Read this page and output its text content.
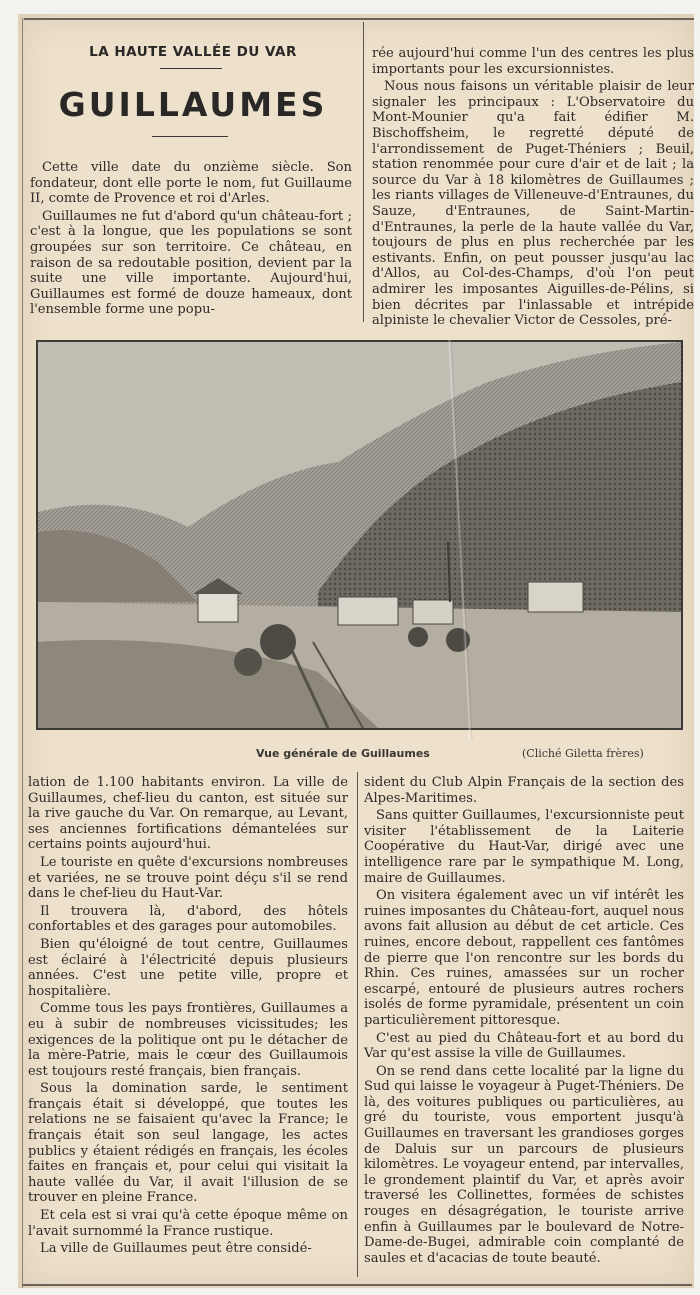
LA HAUTE VALLÉE DU VAR
GUILLAUMES

Cette ville date du onzième siècle. Son fondateur, dont elle porte le nom, fut Guillaume II, comte de Provence et roi d'Arles.

Guillaumes ne fut d'abord qu'un château-fort ; c'est à la longue, que les populations se sont groupées sur son territoire. Ce château, en raison de sa redoutable position, devient par la suite une ville importante. Aujourd'hui, Guillaumes est formé de douze hameaux, dont l'ensemble forme une popu-

rée aujourd'hui comme l'un des centres les plus importants pour les excursionnistes.

Nous nous faisons un véritable plaisir de leur signaler les principaux : L'Observatoire du Mont-Mounier qu'a fait édifier M. Bischoffsheim, le regretté député de l'arrondissement de Puget-Théniers ; Beuil, station renommée pour cure d'air et de lait ; la source du Var à 18 kilomètres de Guillaumes ; les riants villages de Villeneuve-d'Entraunes, du Sauze, d'Entraunes, de Saint-Martin-d'Entraunes, la perle de la haute vallée du Var, toujours de plus en plus recherchée par les estivants. Enfin, on peut pousser jusqu'au lac d'Allos, au Col-des-Champs, d'où l'on peut admirer les imposantes Aiguilles-de-Pélins, si bien décrites par l'inlassable et intrépide alpiniste le chevalier Victor de Cessoles, pré-

Vue générale de Guillaumes	(Cliché Giletta frères)

lation de 1.100 habitants environ. La ville de Guillaumes, chef-lieu du canton, est située sur la rive gauche du Var. On remarque, au Levant, ses anciennes fortifications démantelées sur certains points aujourd'hui.

Le touriste en quête d'excursions nombreuses et variées, ne se trouve point déçu s'il se rend dans le chef-lieu du Haut-Var.

Il trouvera là, d'abord, des hôtels confortables et des garages pour automobiles.

Bien qu'éloigné de tout centre, Guillaumes est éclairé à l'électricité depuis plusieurs années. C'est une petite ville, propre et hospitalière.

Comme tous les pays frontières, Guillaumes a eu à subir de nombreuses vicissitudes; les exigences de la politique ont pu le détacher de la mère-Patrie, mais le cœur des Guillaumois est toujours resté français, bien français.

Sous la domination sarde, le sentiment français était si développé, que toutes les relations ne se faisaient qu'avec la France; le français était son seul langage, les actes publics y étaient rédigés en français, les écoles faites en français et, pour celui qui visitait la haute vallée du Var, il avait l'illusion de se trouver en pleine France.

Et cela est si vrai qu'à cette époque même on l'avait surnommé la France rustique.

La ville de Guillaumes peut être considé-

sident du Club Alpin Français de la section des Alpes-Maritimes.

Sans quitter Guillaumes, l'excursionniste peut visiter l'établissement de la Laiterie Coopérative du Haut-Var, dirigé avec une intelligence rare par le sympathique M. Long, maire de Guillaumes.

On visitera également avec un vif intérêt les ruines imposantes du Château-fort, auquel nous avons fait allusion au début de cet article. Ces ruines, encore debout, rappellent ces fantômes de pierre que l'on rencontre sur les bords du Rhin. Ces ruines, amassées sur un rocher escarpé, entouré de plusieurs autres rochers isolés de forme pyramidale, présentent un coin particulièrement pittoresque.

C'est au pied du Château-fort et au bord du Var qu'est assise la ville de Guillaumes.

On se rend dans cette localité par la ligne du Sud qui laisse le voyageur à Puget-Théniers. De là, des voitures publiques ou particulières, au gré du touriste, vous emportent jusqu'à Guillaumes en traversant les grandioses gorges de Daluis sur un parcours de plusieurs kilomètres. Le voyageur entend, par intervalles, le grondement plaintif du Var, et après avoir traversé les Collinettes, formées de schistes rouges en désagrégation, le touriste arrive enfin à Guillaumes par le boulevard de Notre-Dame-de-Bugei, admirable coin complanté de saules et d'acacias de toute beauté.
